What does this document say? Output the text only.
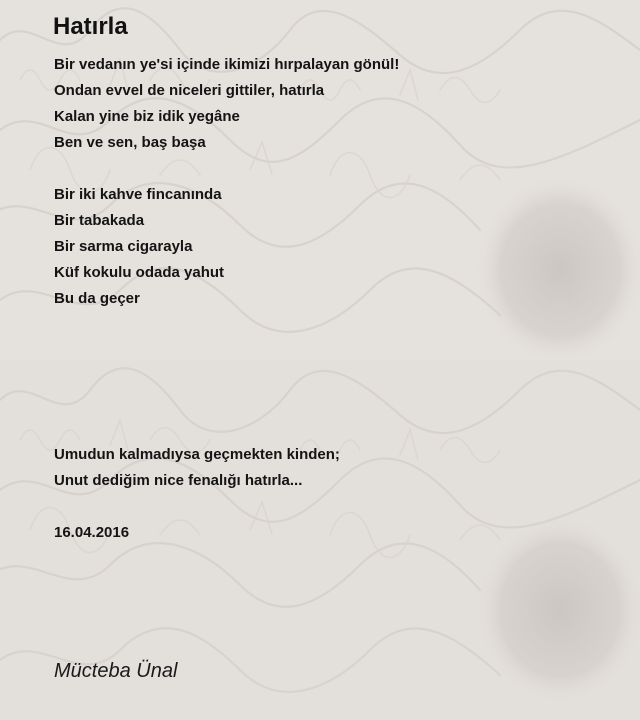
Hatırla
Bir vedanın ye'si içinde ikimizi hırpalayan gönül!
Ondan evvel de niceleri gittiler, hatırla
Kalan yine biz idik yegâne
Ben ve sen, baş başa
Bir iki kahve fincanında
Bir tabakada
Bir sarma cigarayla
Küf kokulu odada yahut
Bu da geçer
Umudun kalmadıysa geçmekten kinden;
Unut dediğim nice fenalığı hatırla...
16.04.2016
Mücteba Ünal
